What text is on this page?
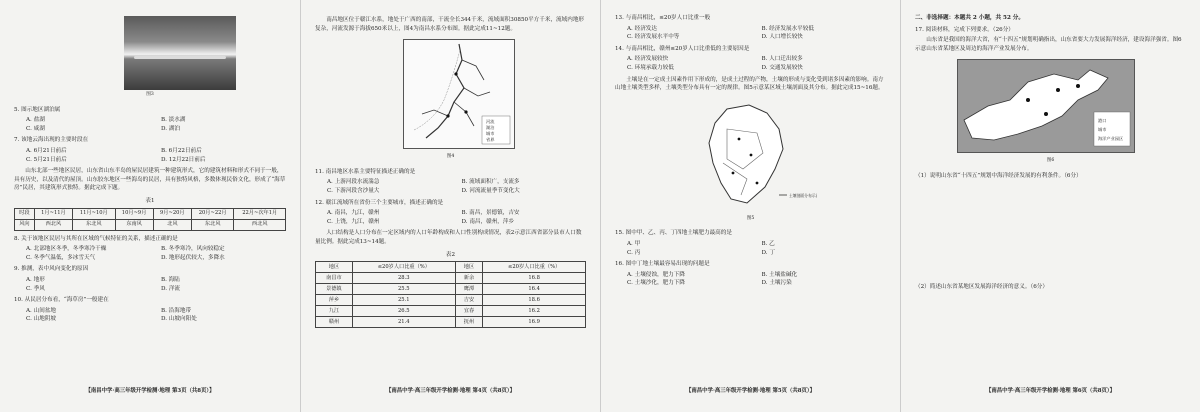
图3
5. 图示地区湖泊属
A. 盐湖	B. 淡水湖
C. 咸湖	D. 湖泊
7. 该地云海出现的主要时段在
A. 6月21日前后	B. 6月22日前后
C. 5月21日前后	D. 12月22日前后
山东北部一些地区民居，山东省山东半岛的屋民居建筑一种建筑形式，它的建筑材料和形式不同于一般，具有历史，以及清代的屋顶。山东胶东地区一些海岛的民居，具有独特风格，多数体现民俗文化，形成了“海草房”民居，其建筑形式独特。据此完成下题。
表1
时段	1月~11月	11月~10月	10月~9月	9月~20月	20月~22月	22月~次年1月
风向	西北风	东北风	东南风	北风	东北风	西北风
8. 关于该地区民居与其所在区域的气候特征的关系，描述正确的是
A. 北部地区冬季，冬季寒冷干燥	B. 冬季寒冷，风向较稳定
C. 冬季气温低，多冰雪天气	D. 地形起伏较大，多降水
9. 推测，表中风向变化的原因
A. 地形	B. 海陆
C. 季风	D. 洋流
10. 从民居分布看，“海草房”一般建在
A. 山间盆地	B. 沿海地带
C. 山地阴坡	D. 山坡向阳处
【南昌中学·高三年级开学检测·地理 第3页（共8页）】
南昌地区位于赣江水系，地处于广西的南部，干流全长344千米，流域面积30850平方千米，流域内地形复杂，河流发源于海拔650米以上，图4为南昌水系分布图。据此完成11~12题。
河流
湖泊
城市
省界
图4
11. 南昌地区水系主要特征描述正确的是
A. 上游河段水流湍急	B. 流域面积广，支流多
C. 下游河段含沙量大	D. 河流流量季节变化大
12. 赣江流域所在省份三个主要城市，描述正确的是
A. 南昌，九江，赣州	B. 南昌，景德镇，吉安
C. 上饶，九江，赣州	D. 南昌，赣州，萍乡
人口结构是人口分布在一定区域内的人口年龄构成和人口性别构成情况，表2示意江西省部分县市人口数量比例。据此完成13~14题。
表2
地区	≤20岁人口比重（%）	地区	≤20岁人口比重（%）
南昌市	28.3	新余	16.8
景德镇	25.5	鹰潭	16.4
萍乡	25.1	吉安	18.6
九江	26.5	宜春	16.2
赣州	21.4	抚州	16.9
【南昌中学·高三年级开学检测·地理 第4页（共8页）】
13. 与南昌相比，≤20岁人口比重一般
A. 经济发达	B. 经济发展水平较低
C. 经济发展水平中等	D. 人口增长较快
14. 与南昌相比，赣州≤20岁人口比重低的主要原因是
A. 经济发展较快	B. 人口迁出较多
C. 环境承载力较低	D. 交通发展较快
土壤是在一定成土因素作用下形成的，是成土过程的产物，土壤的形成与变化受到诸多因素的影响。南方山地土壤类型多样，土壤类型分布具有一定的规律。图5示意某区域土壤剖面及其分布。据此完成15~16题。
土壤剖面分布示意
图5
15. 图中甲、乙、丙、丁四地土壤肥力最高的是
A. 甲	B. 乙
C. 丙	D. 丁
16. 图中丁地土壤最容易出现的问题是
A. 土壤侵蚀，肥力下降	B. 土壤盐碱化
C. 土壤沙化，肥力下降	D. 土壤污染
【南昌中学·高三年级开学检测·地理 第5页（共8页）】
二、非选择题：本题共 2 小题，共 52 分。
17. 阅读材料，完成下列要求。（26分）
山东省是我国的海洋大省，有“十四五”规划明确指出，山东省要大力发展海洋经济，建设海洋强省。图6示意山东省某地区及周边的海洋产业发展分布。
港口
城市
海洋产业园区
图6
（1）说明山东省“十四五”规划中海洋经济发展的有利条件。（6分）
（2）简述山东省某地区发展海洋经济的意义。（6分）
【南昌中学·高三年级开学检测·地理 第6页（共8页）】
